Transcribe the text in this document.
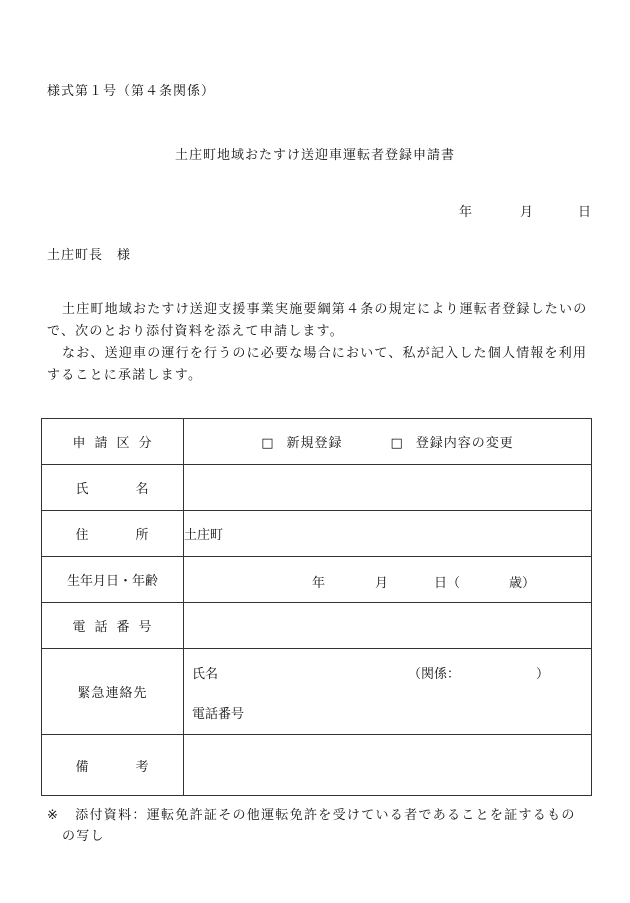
様式第１号（第４条関係）
土庄町地域おたすけ送迎車運転者登録申請書
年	月	日
土庄町長　様

土庄町地域おたすけ送迎支援事業実施要綱第４条の規定により運転者登録したいので、次のとおり添付資料を添えて申請します。

なお、送迎車の運行を行うのに必要な場合において、私が記入した個人情報を利用することに承諾します。

申 請 区 分	□ 新規登録 □ 登録内容の変更

氏 名	

住 所	土庄町
生年月日・年齢	年 月 日（ 歳）

電 話 番 号	

緊急連絡先	氏名 （関係： ）
電話番号

備 考	

※ 添付資料：運転免許証その他運転免許を受けている者であることを証するもの
の写し
